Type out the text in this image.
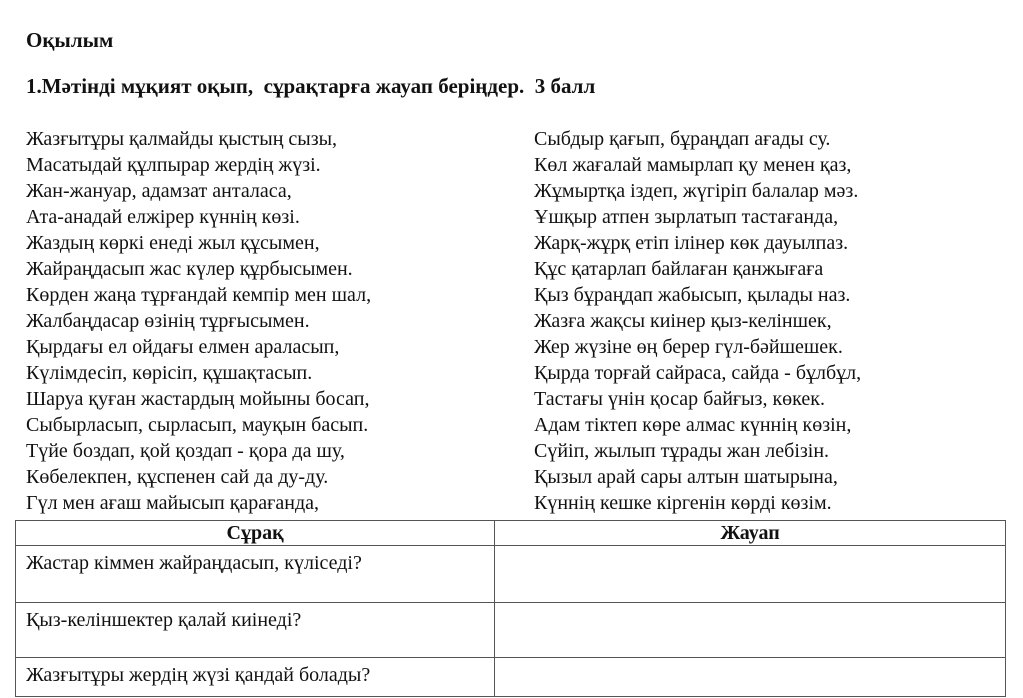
Оқылым
1.Мәтінді мұқият оқып,  сұрақтарға жауап беріңдер.  3 балл
Жазғытұры қалмайды қыстың сызы,
Масатыдай құлпырар жердің жүзі.
Жан-жануар, адамзат анталаса,
Ата-анадай елжірер күннің көзі.
Жаздың көркі енеді жыл құсымен,
Жайраңдасып жас күлер құрбысымен.
Көрден жаңа тұрғандай кемпір мен шал,
Жалбаңдасар өзінің тұрғысымен.
Қырдағы ел ойдағы елмен араласып,
Күлімдесіп, көрісіп, құшақтасып.
Шаруа қуған жастардың мойыны босап,
Сыбырласып, сырласып, мауқын басып.
Түйе боздап, қой қоздап - қора да шу,
Көбелекпен, құспенен сай да ду-ду.
Гүл мен ағаш майысып қарағанда,
Сыбдыр қағып, бұраңдап ағады су.
Көл жағалай мамырлап қу менен қаз,
Жұмыртқа іздеп, жүгіріп балалар мәз.
Ұшқыр атпен зырлатып тастағанда,
Жарқ-жұрқ етіп ілінер көк дауылпаз.
Құс қатарлап байлаған қанжығаға
Қыз бұраңдап жабысып, қылады наз.
Жазға жақсы киінер қыз-келіншек,
Жер жүзіне өң берер гүл-бәйшешек.
Қырда торғай сайраса, сайда - бұлбұл,
Тастағы үнін қосар байғыз, көкек.
Адам тіктеп көре алмас күннің көзін,
Сүйіп, жылып тұрады жан лебізін.
Қызыл арай сары алтын шатырына,
Күннің кешке кіргенін көрді көзім.
Сұрақ	Жауап
Жастар кіммен жайраңдасып, күліседі?	
Қыз-келіншектер қалай киінеді?	
Жазғытұры жердің жүзі қандай болады?	
